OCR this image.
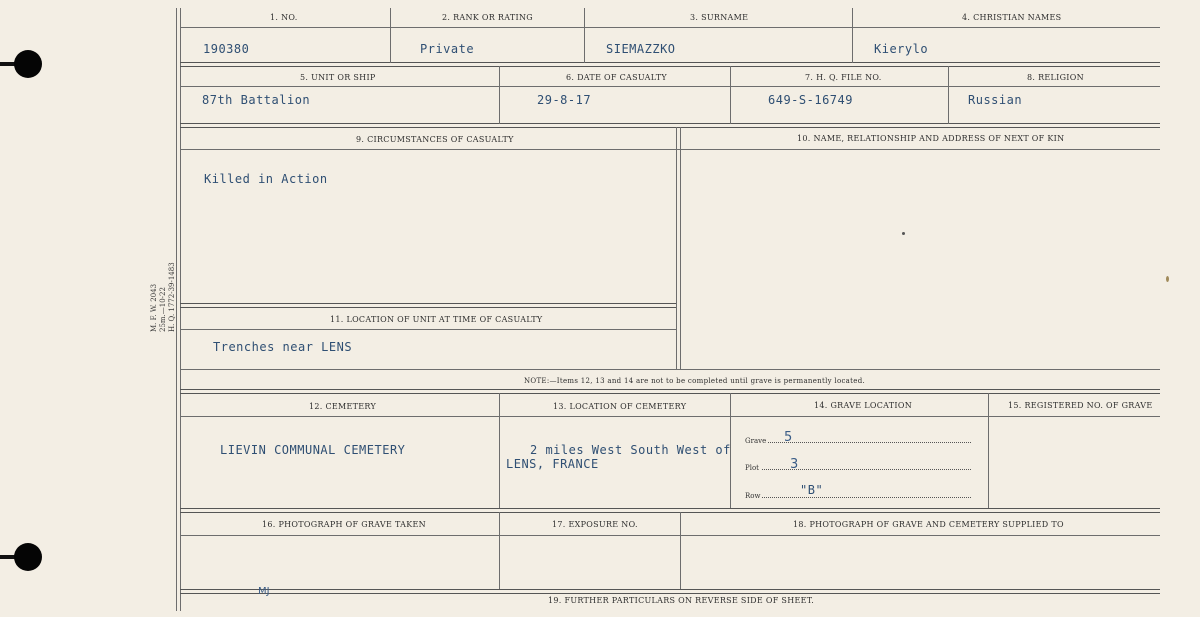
M. F. W. 2043 25m.—10-22 H. Q. 1772-39-1483
1. NO.	2. RANK OR RATING	3. SURNAME	4. CHRISTIAN NAMES
190380	Private	SIEMAZZKO	Kierylo
5. UNIT OR SHIP	6. DATE OF CASUALTY	7. H. Q. FILE NO.	8. RELIGION
87th Battalion	29-8-17	649-S-16749	Russian
9. CIRCUMSTANCES OF CASUALTY	10. NAME, RELATIONSHIP AND ADDRESS OF NEXT OF KIN
Killed in Action
11. LOCATION OF UNIT AT TIME OF CASUALTY
Trenches near LENS
NOTE:—Items 12, 13 and 14 are not to be completed until grave is permanently located.
12. CEMETERY	13. LOCATION OF CEMETERY	14. GRAVE LOCATION	15. REGISTERED NO. OF GRAVE
LIEVIN COMMUNAL CEMETERY	2 miles West South West of
LENS, FRANCE
Grave 5
Plot 3
Row	"B"
16. PHOTOGRAPH OF GRAVE TAKEN	17. EXPOSURE NO.	18. PHOTOGRAPH OF GRAVE AND CEMETERY SUPPLIED TO
MJ
19. FURTHER PARTICULARS ON REVERSE SIDE OF SHEET.
